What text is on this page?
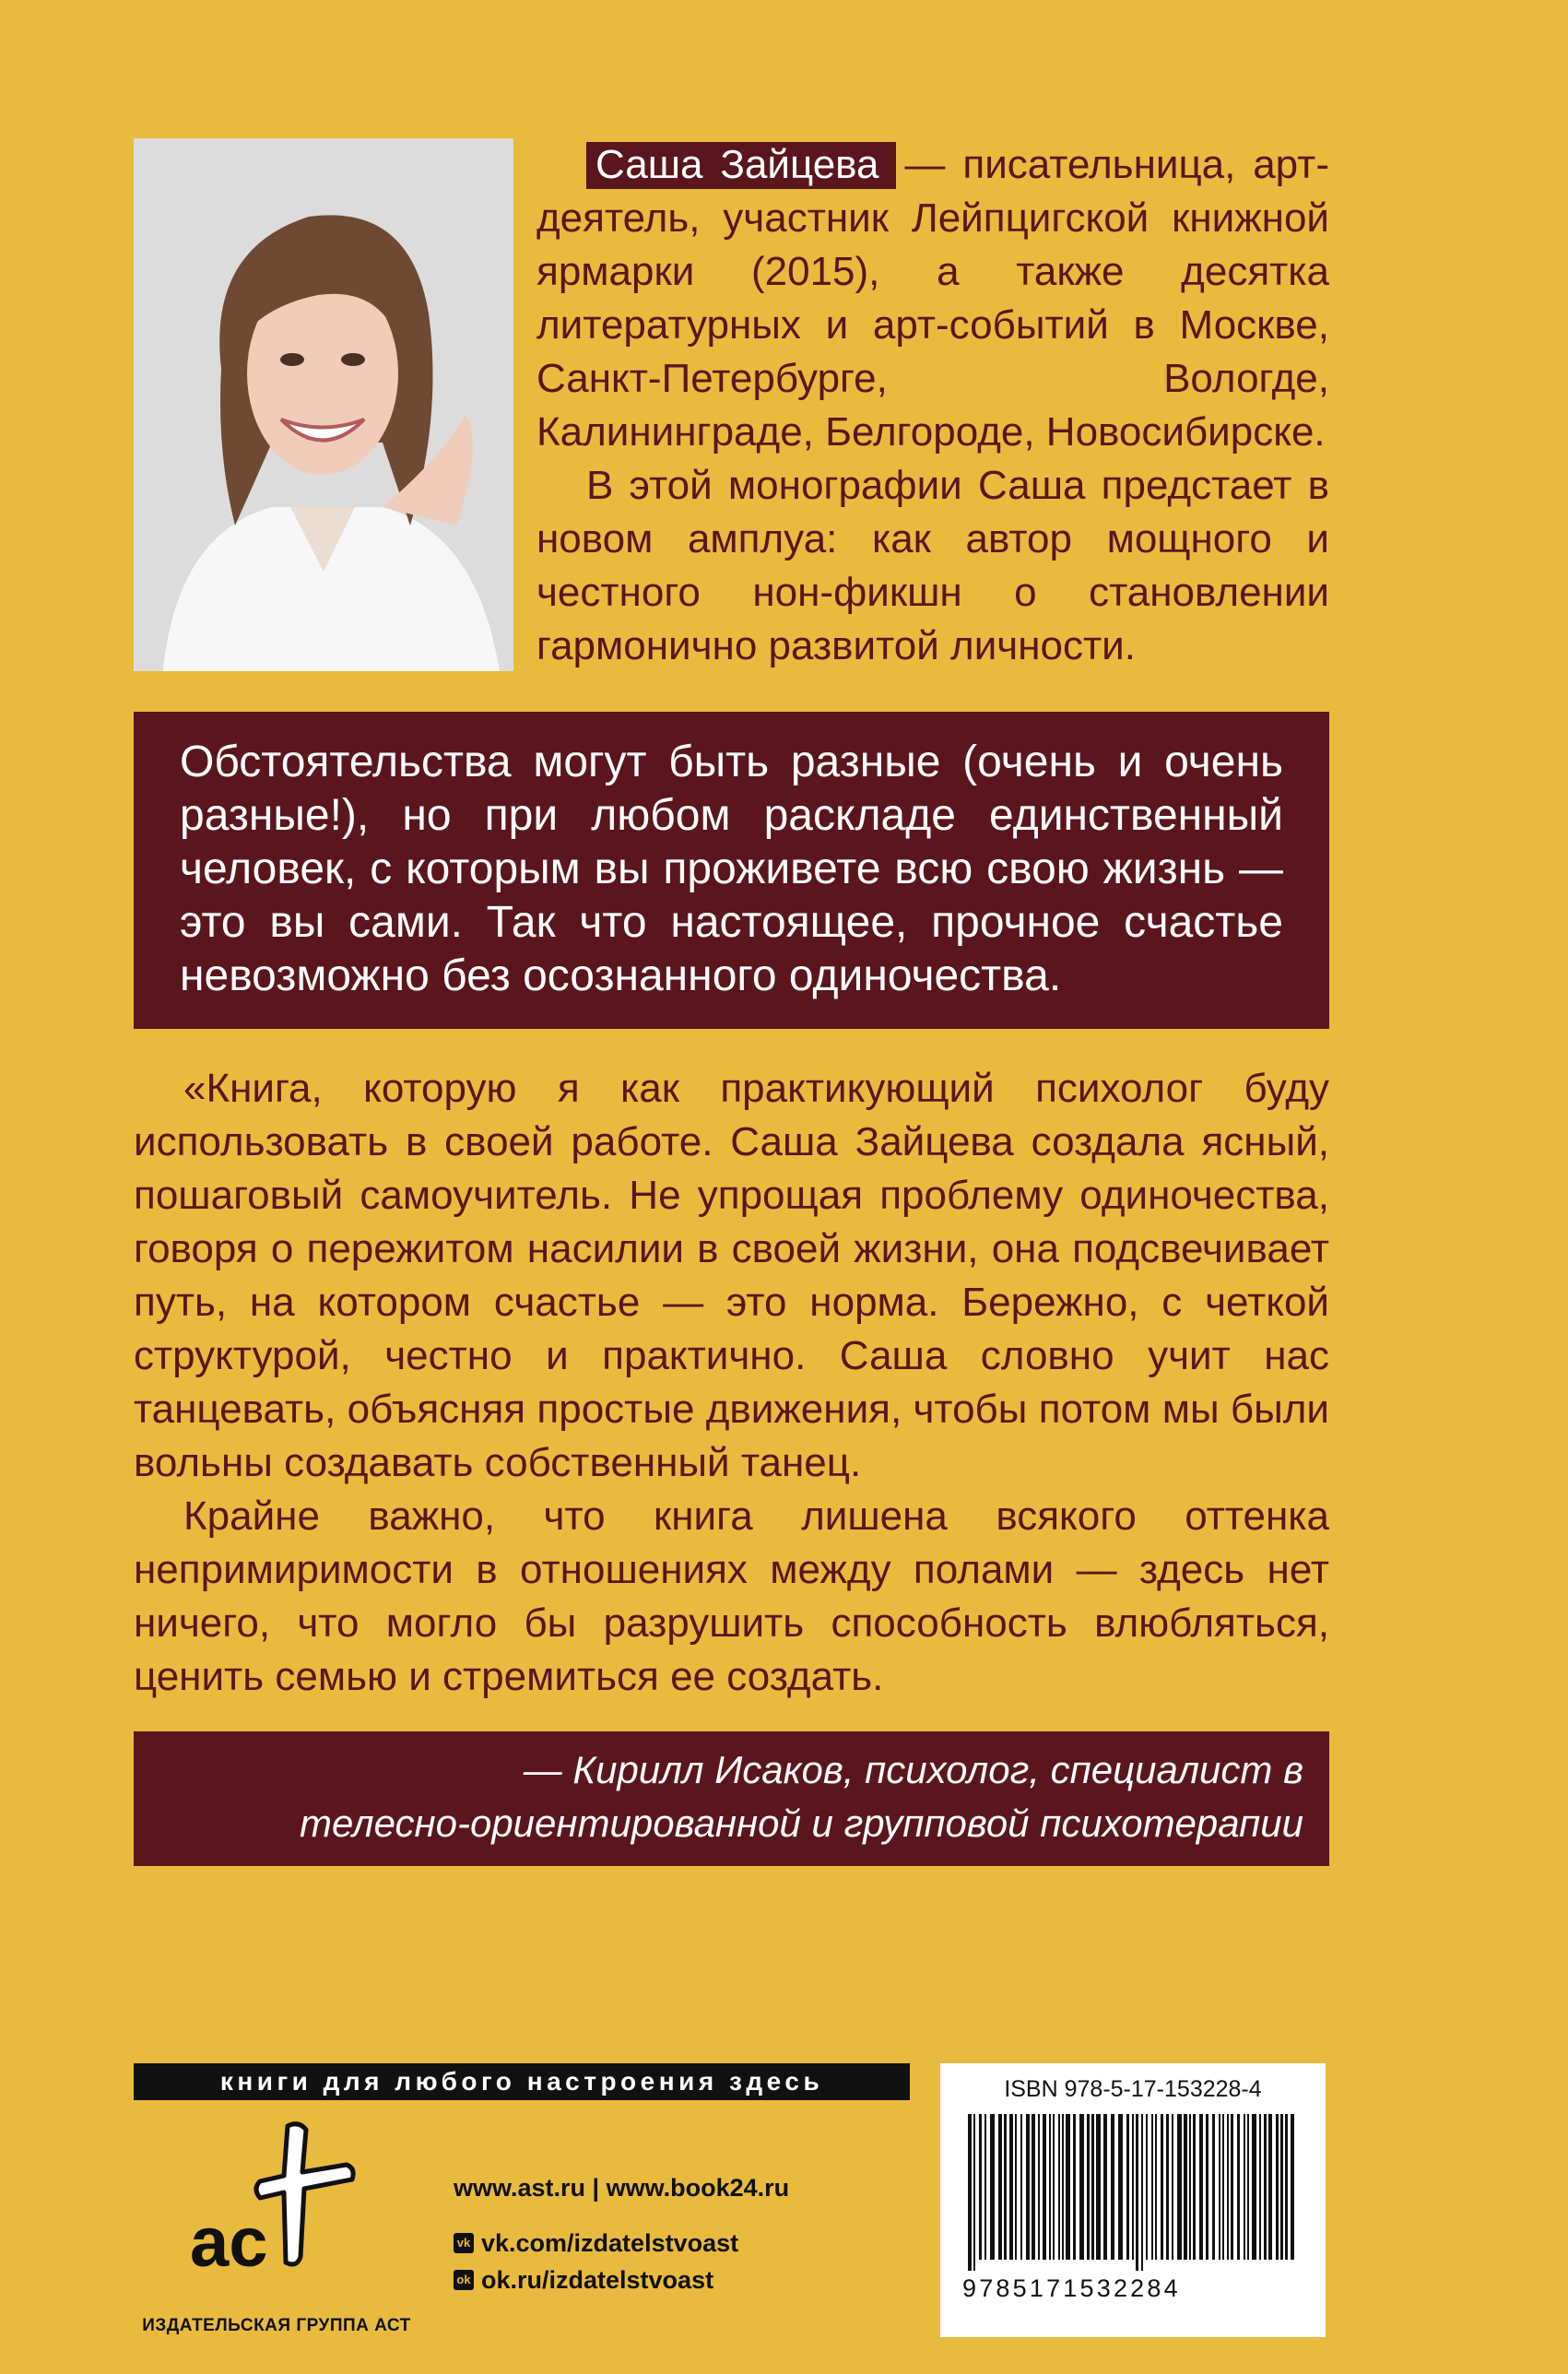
Саша Зайцева — писательница, арт-деятель, участник Лейпцигской книжной ярмарки (2015), а также десятка литературных и арт-событий в Москве, Санкт-Петербурге, Вологде, Калининграде, Белгороде, Новосибирске.

В этой монографии Саша предстает в новом амплуа: как автор мощного и честного нон-фикшн о становлении гармонично развитой личности.

Обстоятельства могут быть разные (очень и очень разные!), но при любом раскладе единственный человек, с которым вы проживете всю свою жизнь — это вы сами. Так что настоящее, прочное счастье невозможно без осознанного одиночества.

«Книга, которую я как практикующий психолог буду использовать в своей работе. Саша Зайцева создала ясный, пошаговый самоучитель. Не упрощая проблему одиночества, говоря о пережитом насилии в своей жизни, она подсвечивает путь, на котором счастье — это норма. Бережно, с четкой структурой, честно и практично. Саша словно учит нас танцевать, объясняя простые движения, чтобы потом мы были вольны создавать собственный танец.

Крайне важно, что книга лишена всякого оттенка непримиримости в отношениях между полами — здесь нет ничего, что могло бы разрушить способность влюбляться, ценить семью и стремиться ее создать.

— Кирилл Исаков, психолог, специалист в
телесно-ориентированной и групповой психотерапии
книги для любого настроения здесь
ac
ИЗДАТЕЛЬСКАЯ ГРУППА АСТ
www.ast.ru | www.book24.ru
vk vk.com/izdatelstvoast
ok ok.ru/izdatelstvoast
ISBN 978-5-17-153228-4
9785171532284
